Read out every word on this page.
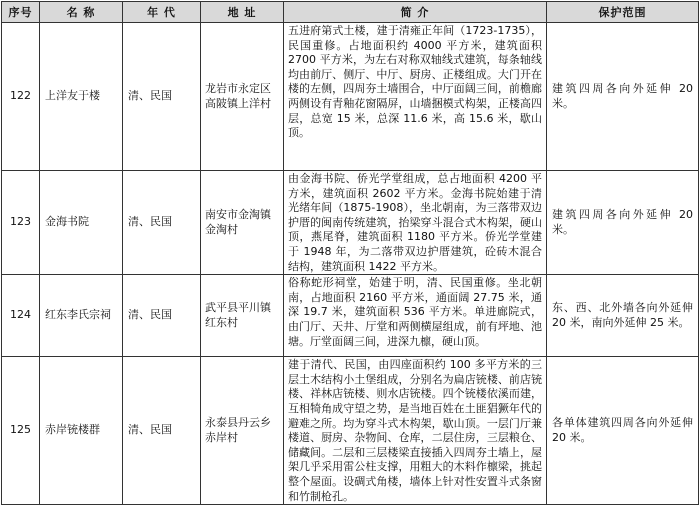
序号	名 称	年 代	地 址	简 介	保护范围
122	上洋友于楼	清、民国	龙岩市永定区高陂镇上洋村	五进府第式土楼，建于清雍正年间（1723-1735），民国重修。占地面积约 4000 平方米，建筑面积 2700 平方米，为左右对称双轴线式建筑，每条轴线均由前厅、侧厅、中厅、厨房、正楼组成。大门开在楼的左侧，四周夯土墙围合，中厅面阔三间，前檐廊两侧设有青釉花窗隔屏，山墙捆模式构架，正楼高四层，总宽 15 米，总深 11.6 米，高 15.6 米，歇山顶。	建筑四周各向外延伸 20 米。
123	金海书院	清、民国	南安市金淘镇金淘村	由金海书院、侨光学堂组成，总占地面积 4200 平方米，建筑面积 2602 平方米。金海书院始建于清光绪年间（1875-1908），坐北朝南，为三落带双边护厝的闽南传统建筑，抬梁穿斗混合式木构架，硬山顶，燕尾脊，建筑面积 1180 平方米。侨光学堂建于 1948 年，为二落带双边护厝建筑，砼砖木混合结构，建筑面积 1422 平方米。	建筑四周各向外延伸 20 米。
124	红东李氏宗祠	清、民国	武平县平川镇红东村	俗称蛇形祠堂，始建于明，清、民国重修。坐北朝南，占地面积 2160 平方米，通面阔 27.75 米，通深 19.7 米，建筑面积 536 平方米。单进廊院式，由门厅、天井、厅堂和两侧横屋组成，前有坪地、池塘。厅堂面阔三间，进深九檩，硬山顶。	东、西、北外墙各向外延伸 20 米，南向外延伸 25 米。
125	赤岸铳楼群	清、民国	永泰县丹云乡赤岸村	建于清代、民国，由四座面积约 100 多平方米的三层土木结构小土堡组成，分别名为扁店铳楼、前店铳楼、祥林店铳楼、则水店铳楼。四个铳楼依溪而建，互相犄角成守望之势，是当地百姓在土匪猖獗年代的避难之所。均为穿斗式木构架，歇山顶。一层门厅兼楼道、厨房、杂物间、仓库，二层住房，三层粮仓、储藏间。二层和三层楼梁直接插入四周夯土墙上，屋架几乎采用雷公柱支撑，用粗大的木料作檩梁，挑起整个屋面。设碉式角楼，墙体上针对性安置斗式条窗和竹制枪孔。	各单体建筑四周各向外延伸 20 米。
